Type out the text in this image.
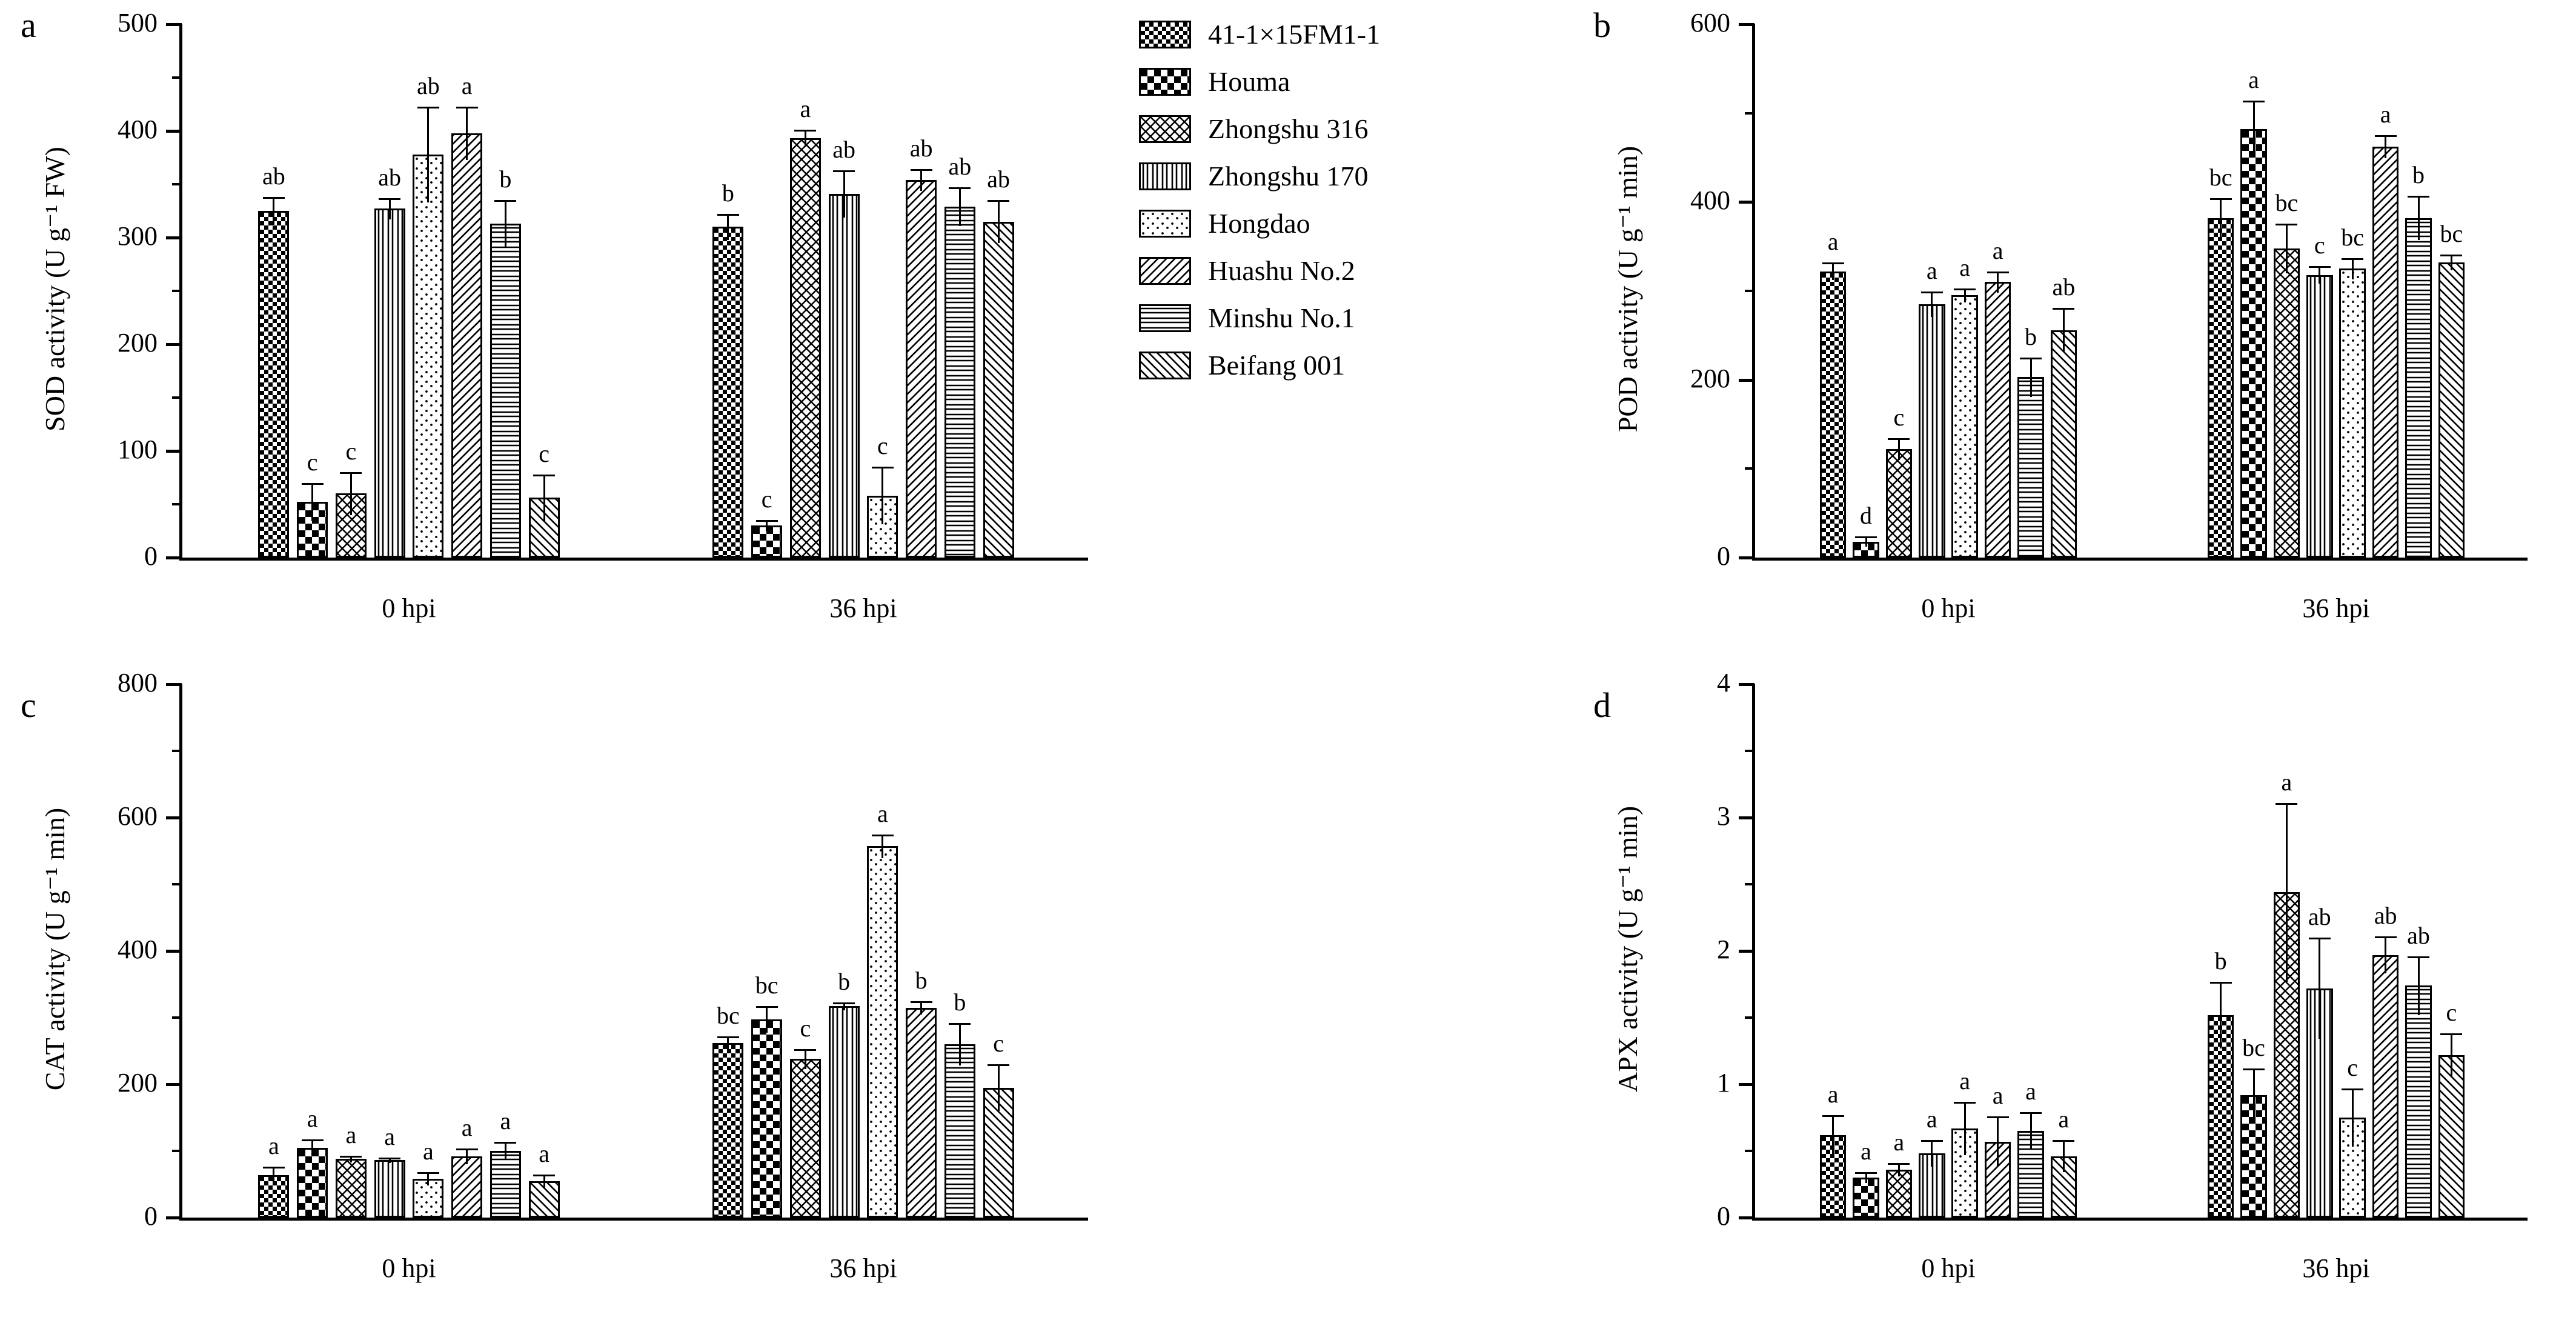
a	b
c	d
0
100
200
300
400
500
SOD activity (U g⁻¹ FW)	ab
c	c
ab
ab a
b
c
0 hpi
b
c
a
ab
c
ab
ab ab
36 hpi
0
200
400
600
POD activity (U g⁻¹ min)	a
d
c
a a
a
b
ab
0 hpi
bc
a
bc
c bc
a
b
bc
36 hpi
0
200
400
600
800
CAT activity (U g⁻¹ min)
a
a
a	a
a
a	a
a
0 hpi
bc
bc
c
b
a
b
b
c
36 hpi
0
1
2
3
4
APX activity (U g⁻¹ min)
a
a a
a
a
a a
a
0 hpi
b
bc
a
ab
c
ab
ab
c
36 hpi
41-1×15FM1-1
Houma
Zhongshu 316
Zhongshu 170
Hongdao
Huashu No.2
Minshu No.1
Beifang 001
